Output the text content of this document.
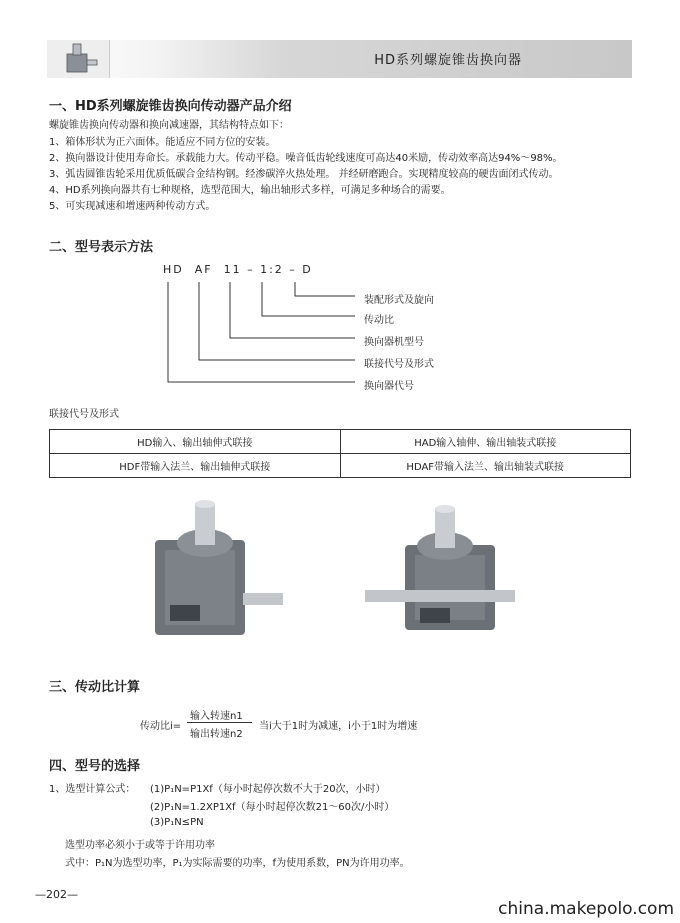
HD系列螺旋锥齿换向器
一、HD系列螺旋锥齿换向传动器产品介绍
螺旋锥齿换向传动器和换向减速器，其结构特点如下：
1、箱体形状为正六面体。能适应不同方位的安装。
2、换向器设计使用寿命长。承载能力大。传动平稳。噪音低齿轮线速度可高达40米励，传动效率高达94%～98%。
3、弧齿圆锥齿轮采用优质低碳合金结构钢。经渗碳淬火热处理。 并经研磨跑合。实现精度较高的硬齿面闭式传动。
4、HD系列换向器共有七种规格，选型范围大，输出轴形式多样，可满足多种场合的需要。
5、可实现减速和增速两种传动方式。
二、型号表示方法
HD  AF  11 – 1:2 – D
装配形式及旋向
传动比
换向器机型号
联接代号及形式
换向器代号
联接代号及形式
HD输入、输出轴伸式联接	HAD输入轴伸、输出轴装式联接
HDF带输入法兰、输出轴伸式联接	HDAF带输入法兰、输出轴装式联接
三、传动比计算
传动比i=
输入转速n1
输出转速n2
当i大于1时为减速，i小于1时为增速
四、型号的选择
1、选型计算公式： (1)P₁N=P1Xf（每小时起停次数不大于20次，小时）
(2)P₁N=1.2XP1Xf（每小时起停次数21～60次/小时）
(3)P₁N≤PN
选型功率必须小于或等于许用功率
式中：P₁N为选型功率，P₁为实际需要的功率，f为使用系数，PN为许用功率。
—202—
china.makepolo.com
